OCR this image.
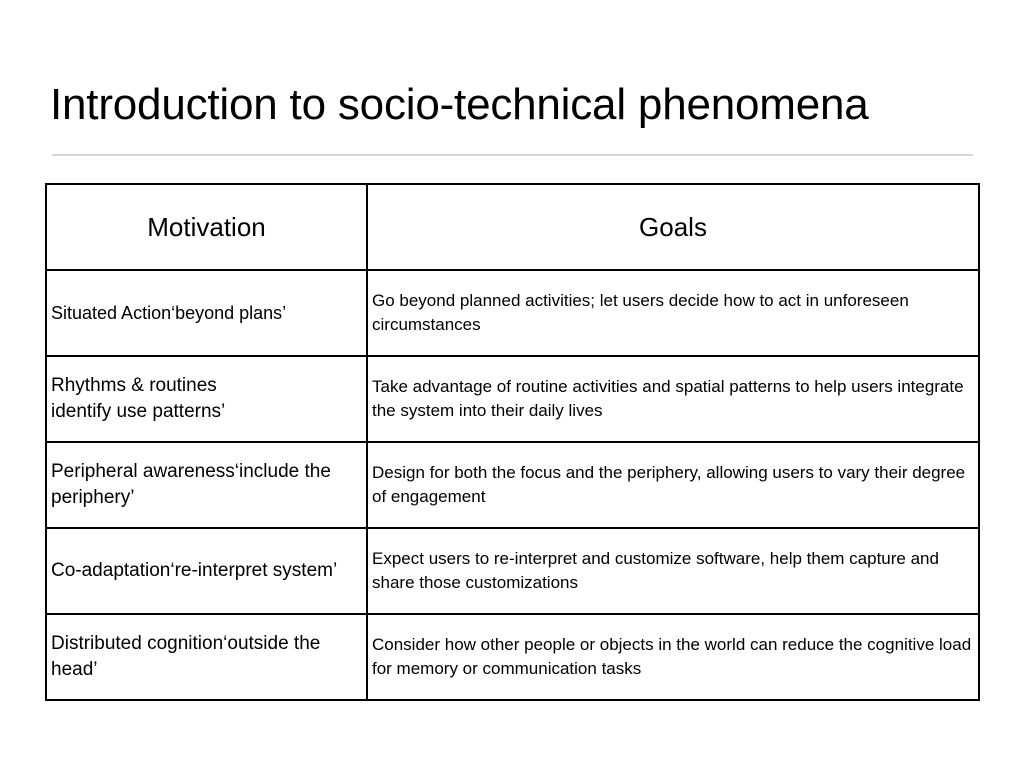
Introduction to socio-technical phenomena
Motivation	Goals
Situated Action‘beyond plans’	Go beyond planned activities; let users decide how to act in unforeseen circumstances

Rhythms & routines
identify use patterns’	Take advantage of routine activities and spatial patterns to help users integrate the system into their daily lives
Peripheral awareness‘include the periphery’	Design for both the focus and the periphery, allowing users to vary their degree of engagement
Co-adaptation‘re-interpret system’	Expect users to re-interpret and customize software, help them capture and share those customizations
Distributed cognition‘outside the head’	Consider how other people or objects in the world can reduce the cognitive load for memory or communication tasks
